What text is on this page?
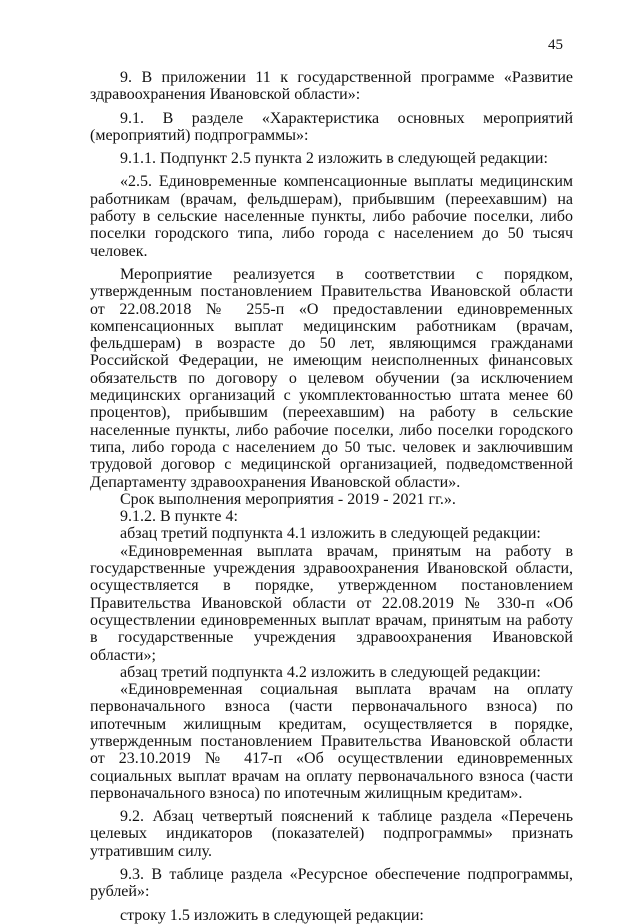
45

9. В приложении 11 к государственной программе «Развитие здравоохранения Ивановской области»:

9.1. В разделе «Характеристика основных мероприятий (мероприятий) подпрограммы»:

9.1.1. Подпункт 2.5 пункта 2 изложить в следующей редакции:

«2.5. Единовременные компенсационные выплаты медицинским работникам (врачам, фельдшерам), прибывшим (переехавшим) на работу в сельские населенные пункты, либо рабочие поселки, либо поселки городского типа, либо города с населением до 50 тысяч человек.

Мероприятие реализуется в соответствии с порядком, утвержденным постановлением Правительства Ивановской области от 22.08.2018 № 255-п «О предоставлении единовременных компенсационных выплат медицинским работникам (врачам, фельдшерам) в возрасте до 50 лет, являющимся гражданами Российской Федерации, не имеющим неисполненных финансовых обязательств по договору о целевом обучении (за исключением медицинских организаций с укомплектованностью штата менее 60 процентов), прибывшим (переехавшим) на работу в сельские населенные пункты, либо рабочие поселки, либо поселки городского типа, либо города с населением до 50 тыс. человек и заключившим трудовой договор с медицинской организацией, подведомственной Департаменту здравоохранения Ивановской области».

Срок выполнения мероприятия - 2019 - 2021 гг.».

9.1.2. В пункте 4:

абзац третий подпункта 4.1 изложить в следующей редакции:

«Единовременная выплата врачам, принятым на работу в государственные учреждения здравоохранения Ивановской области, осуществляется в порядке, утвержденном постановлением Правительства Ивановской области от 22.08.2019 № 330-п «Об осуществлении единовременных выплат врачам, принятым на работу в государственные учреждения здравоохранения Ивановской области»;

абзац третий подпункта 4.2 изложить в следующей редакции:

«Единовременная социальная выплата врачам на оплату первоначального взноса (части первоначального взноса) по ипотечным жилищным кредитам, осуществляется в порядке, утвержденным постановлением Правительства Ивановской области от 23.10.2019 № 417-п «Об осуществлении единовременных социальных выплат врачам на оплату первоначального взноса (части первоначального взноса) по ипотечным жилищным кредитам».

9.2. Абзац четвертый пояснений к таблице раздела «Перечень целевых индикаторов (показателей) подпрограммы» признать утратившим силу.

9.3. В таблице раздела «Ресурсное обеспечение подпрограммы, рублей»:

строку 1.5 изложить в следующей редакции:
